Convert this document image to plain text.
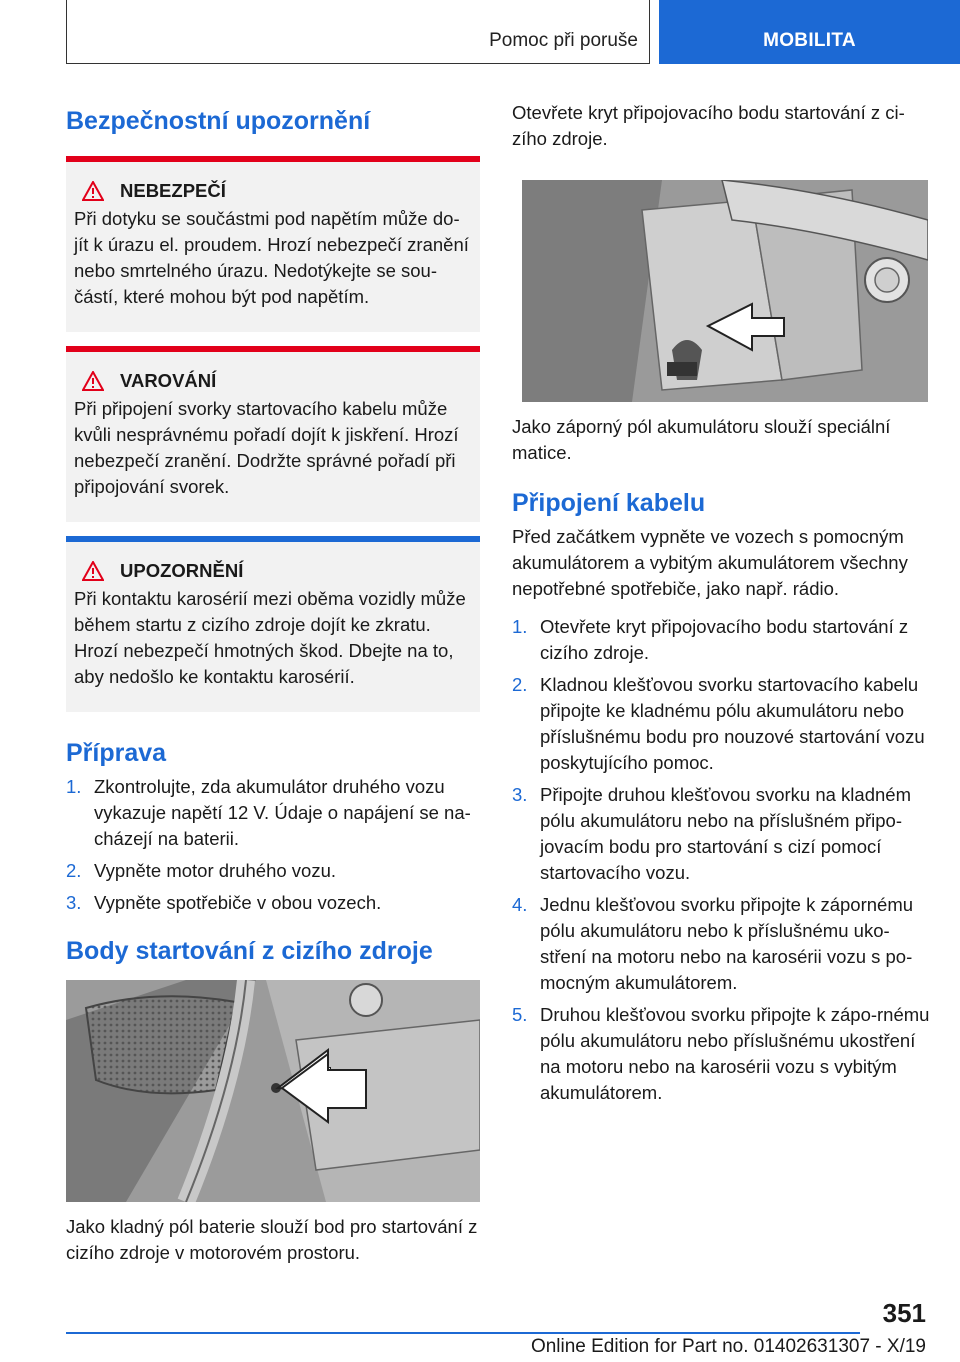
Pomoc při poruše	MOBILITA
Bezpečnostní upozornění
NEBEZPEČÍ

Při dotyku se součástmi pod napětím může do-jít k úrazu el. proudem. Hrozí nebezpečí zranění nebo smrtelného úrazu. Nedotýkejte se sou-částí, které mohou být pod napětím.

VAROVÁNÍ

Při připojení svorky startovacího kabelu může kvůli nesprávnému pořadí dojít k jiskření. Hrozí nebezpečí zranění. Dodržte správné pořadí při připojování svorek.

UPOZORNĚNÍ

Při kontaktu karosérií mezi oběma vozidly může během startu z cizího zdroje dojít ke zkratu. Hrozí nebezpečí hmotných škod. Dbejte na to, aby nedošlo ke kontaktu karosérií.

Příprava
1. Zkontrolujte, zda akumulátor druhého vozu vykazuje napětí 12 V. Údaje o napájení se na-cházejí na baterii.
2. Vypněte motor druhého vozu.
3. Vypněte spotřebiče v obou vozech.
Body startování z cizího zdroje

Jako kladný pól baterie slouží bod pro startování z cizího zdroje v motorovém prostoru.

Otevřete kryt připojovacího bodu startování z ci-zího zdroje.

Jako záporný pól akumulátoru slouží speciální matice.

Připojení kabelu

Před začátkem vypněte ve vozech s pomocným akumulátorem a vybitým akumulátorem všechny nepotřebné spotřebiče, jako např. rádio.

1. Otevřete kryt připojovacího bodu startování z cizího zdroje.
2. Kladnou klešťovou svorku startovacího kabelu připojte ke kladnému pólu akumulátoru nebo příslušnému bodu pro nouzové startování vozu poskytujícího pomoc.
3. Připojte druhou klešťovou svorku na kladném pólu akumulátoru nebo na příslušném připo-jovacím bodu pro startování s cizí pomocí startovacího vozu.
4. Jednu klešťovou svorku připojte k zápornému pólu akumulátoru nebo k příslušnému uko-stření na motoru nebo na karosérii vozu s po-mocným akumulátorem.
5. Druhou klešťovou svorku připojte k zápo-rnému pólu akumulátoru nebo příslušnému ukostření na motoru nebo na karosérii vozu s vybitým akumulátorem.
351
Online Edition for Part no. 01402631307 - X/19
